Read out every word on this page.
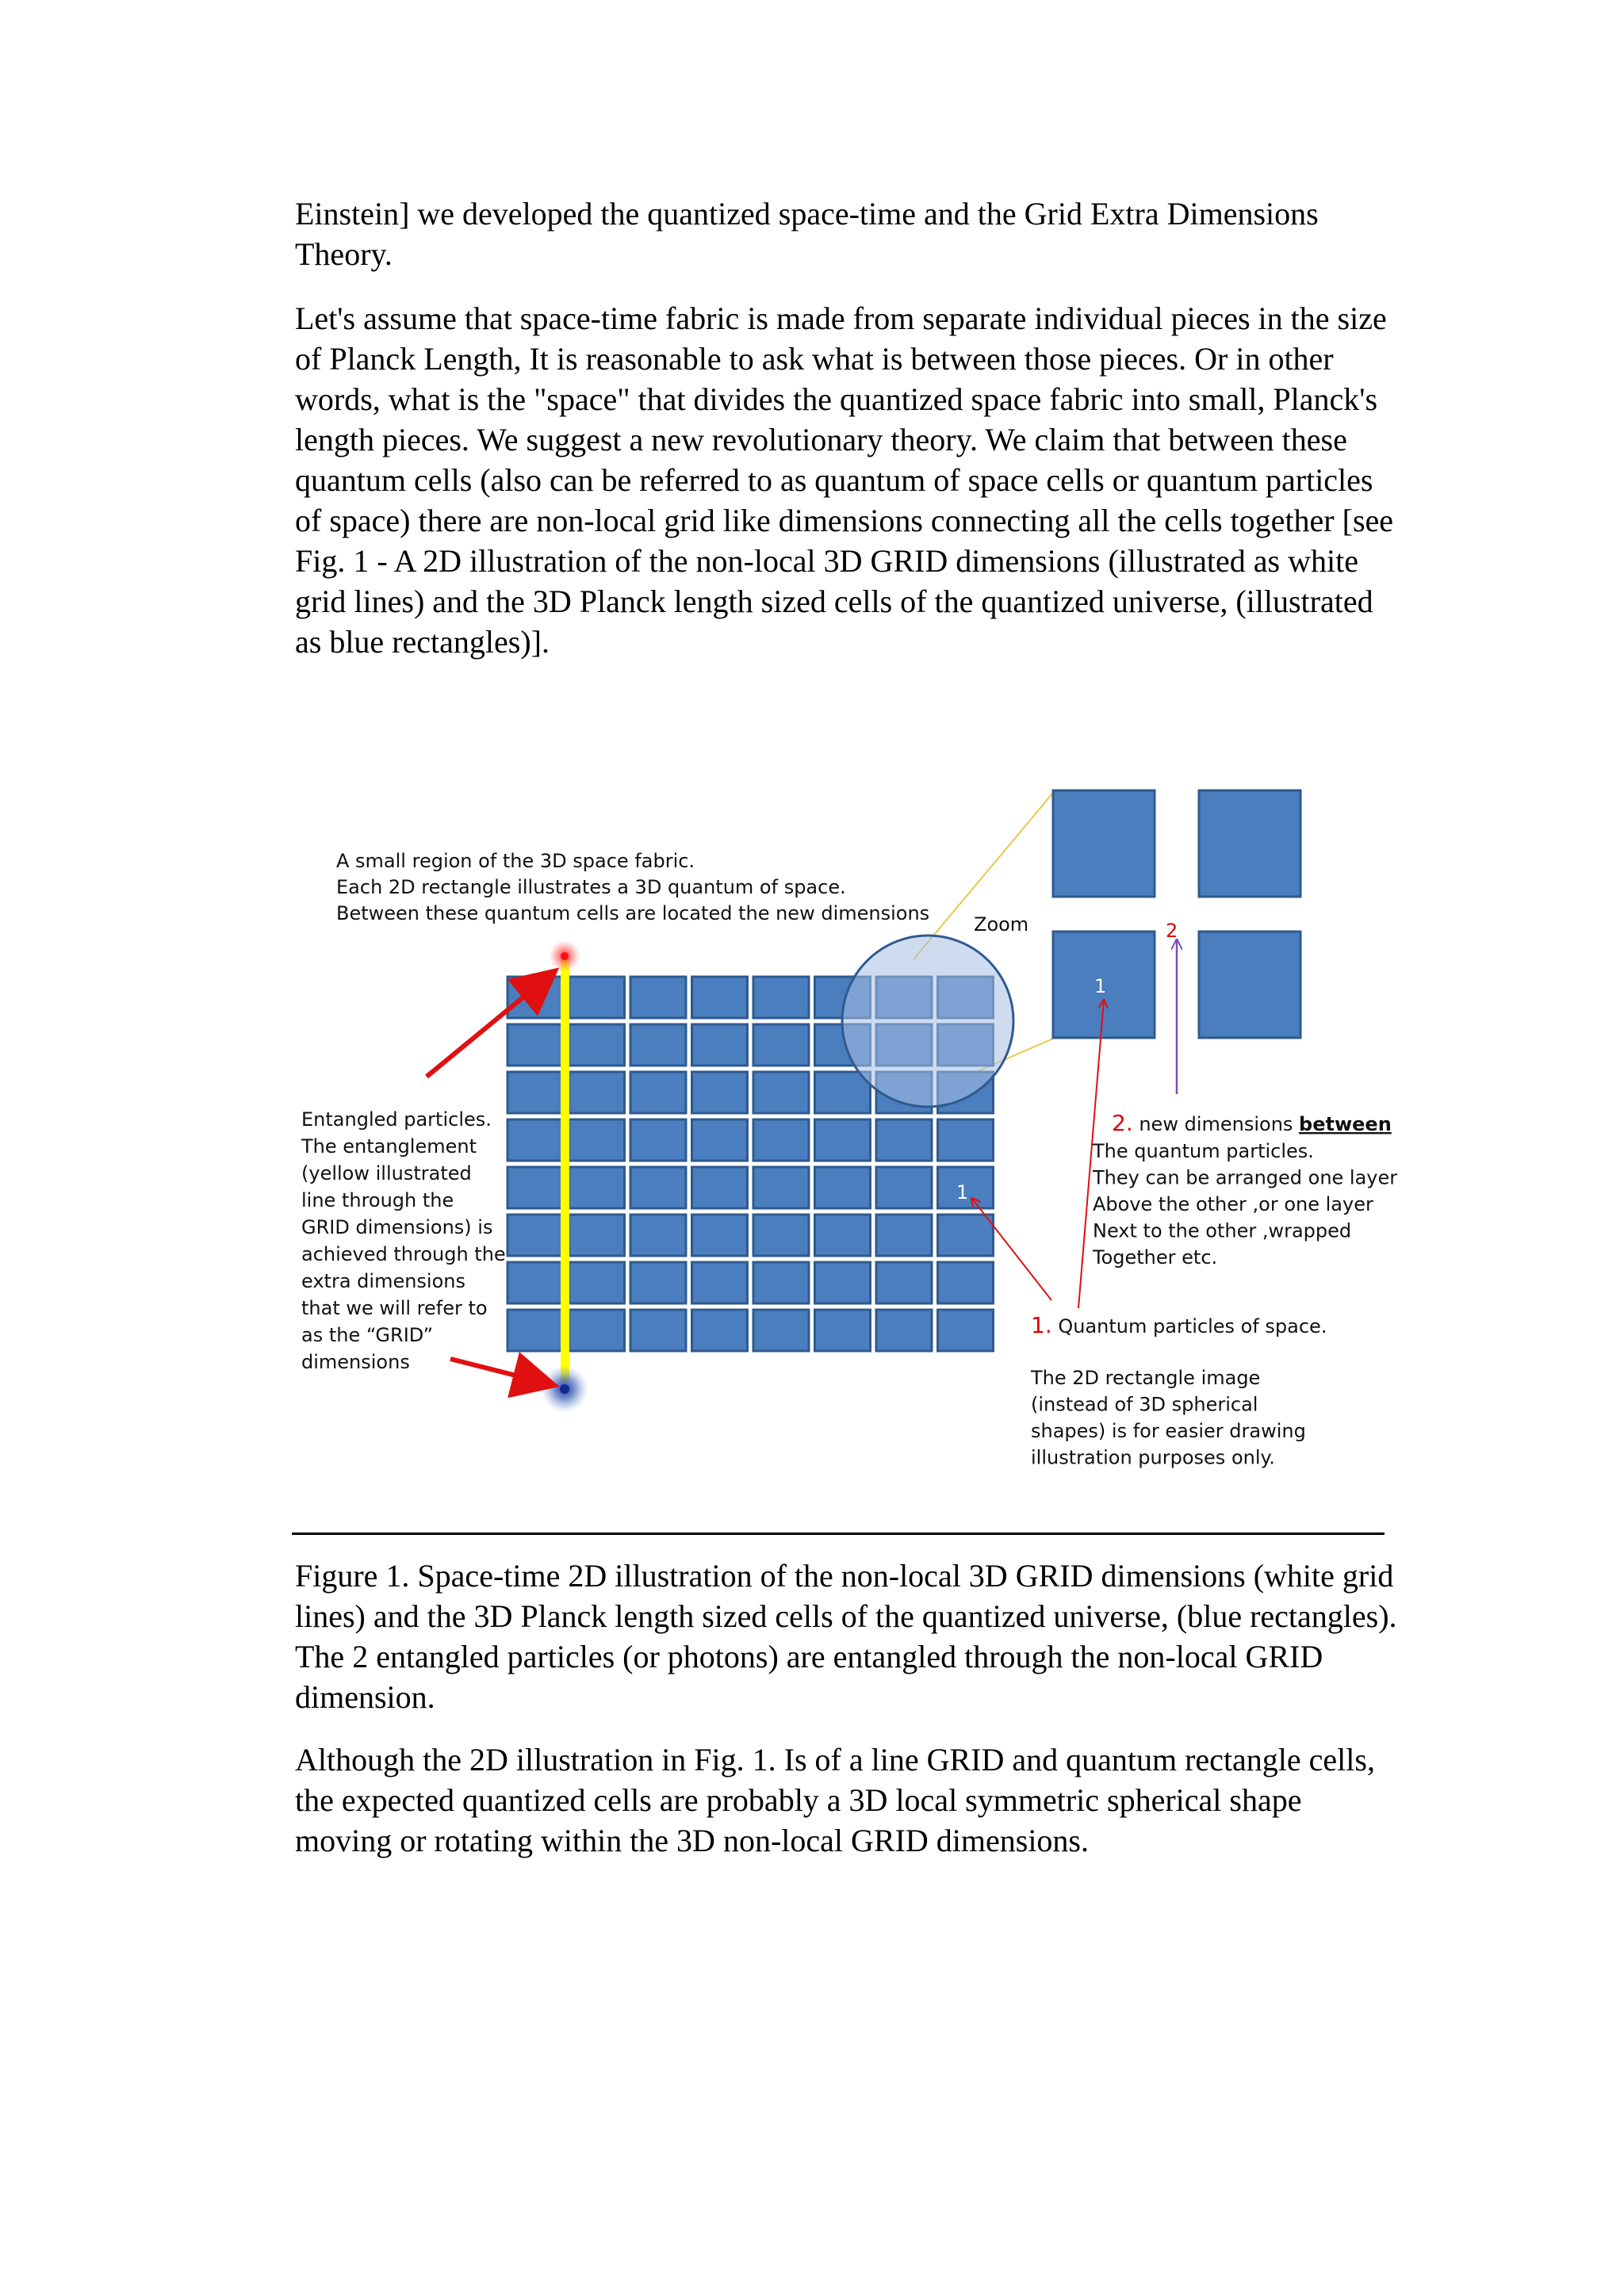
Einstein] we developed the quantized space-time and the Grid Extra Dimensions Theory.

Let's assume that space-time fabric is made from separate individual pieces in the size of Planck Length, It is reasonable to ask what is between those pieces. Or in other words, what is the "space" that divides the quantized space fabric into small, Planck's length pieces. We suggest a new revolutionary theory. We claim that between these quantum cells (also can be referred to as quantum of space cells or quantum particles of space) there are non-local grid like dimensions connecting all the cells together [see Fig. 1 - A 2D illustration of the non-local 3D GRID dimensions (illustrated as white grid lines) and the 3D Planck length sized cells of the quantized universe, (illustrated as blue rectangles)].

A small region of the 3D space fabric.
Each 2D rectangle illustrates a 3D quantum of space.
Between these quantum cells are located the new dimensions Zoom
1
2
Entangled particles.
The entanglement
(yellow illustrated
line through the
GRID dimensions) is
achieved through the
extra dimensions
that we will refer to
as the “GRID”
dimensions
1
2. new dimensions between
The quantum particles.
They can be arranged one layer
Above the other ,or one layer
Next to the other ,wrapped
Together etc.
1. Quantum particles of space.
The 2D rectangle image
(instead of 3D spherical
shapes) is for easier drawing
illustration purposes only.

Figure 1. Space-time 2D illustration of the non-local 3D GRID dimensions (white grid lines) and the 3D Planck length sized cells of the quantized universe, (blue rectangles). The 2 entangled particles (or photons) are entangled through the non-local GRID dimension.

Although the 2D illustration in Fig. 1. Is of a line GRID and quantum rectangle cells, the expected quantized cells are probably a 3D local symmetric spherical shape moving or rotating within the 3D non-local GRID dimensions.
